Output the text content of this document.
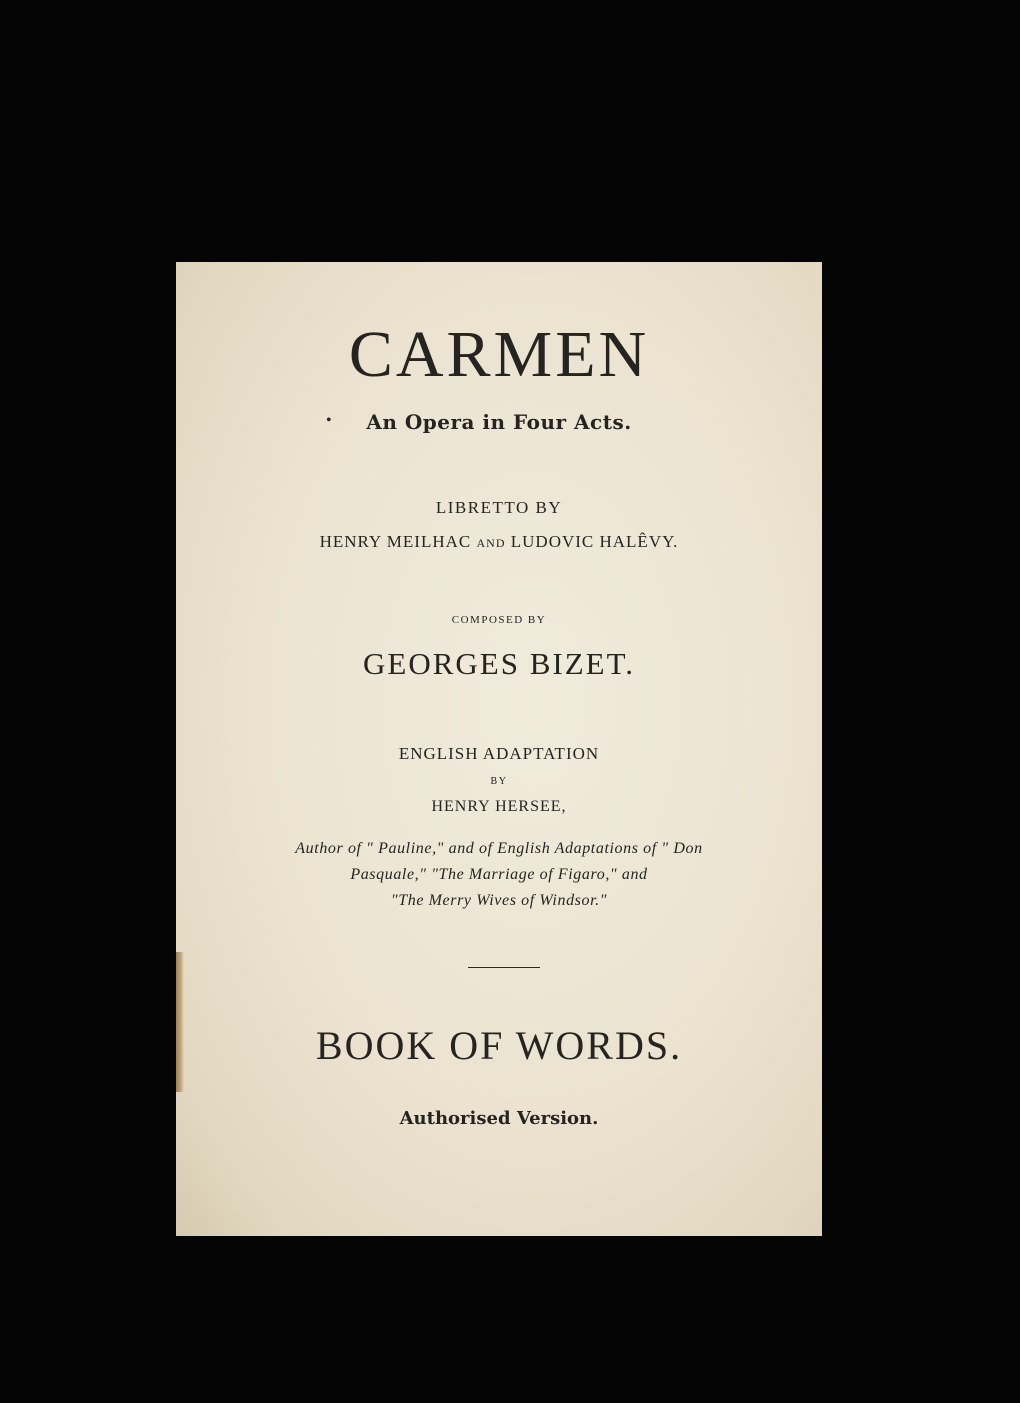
CARMEN
•	An Opera in Four Acts.
LIBRETTO BY
HENRY MEILHAC AND LUDOVIC HALÊVY.
COMPOSED BY
GEORGES BIZET.
ENGLISH ADAPTATION
BY
HENRY HERSEE,
Author of " Pauline," and of English Adaptations of " Don
Pasquale," "The Marriage of Figaro," and
"The Merry Wives of Windsor."
BOOK OF WORDS.
Authorised Version.
